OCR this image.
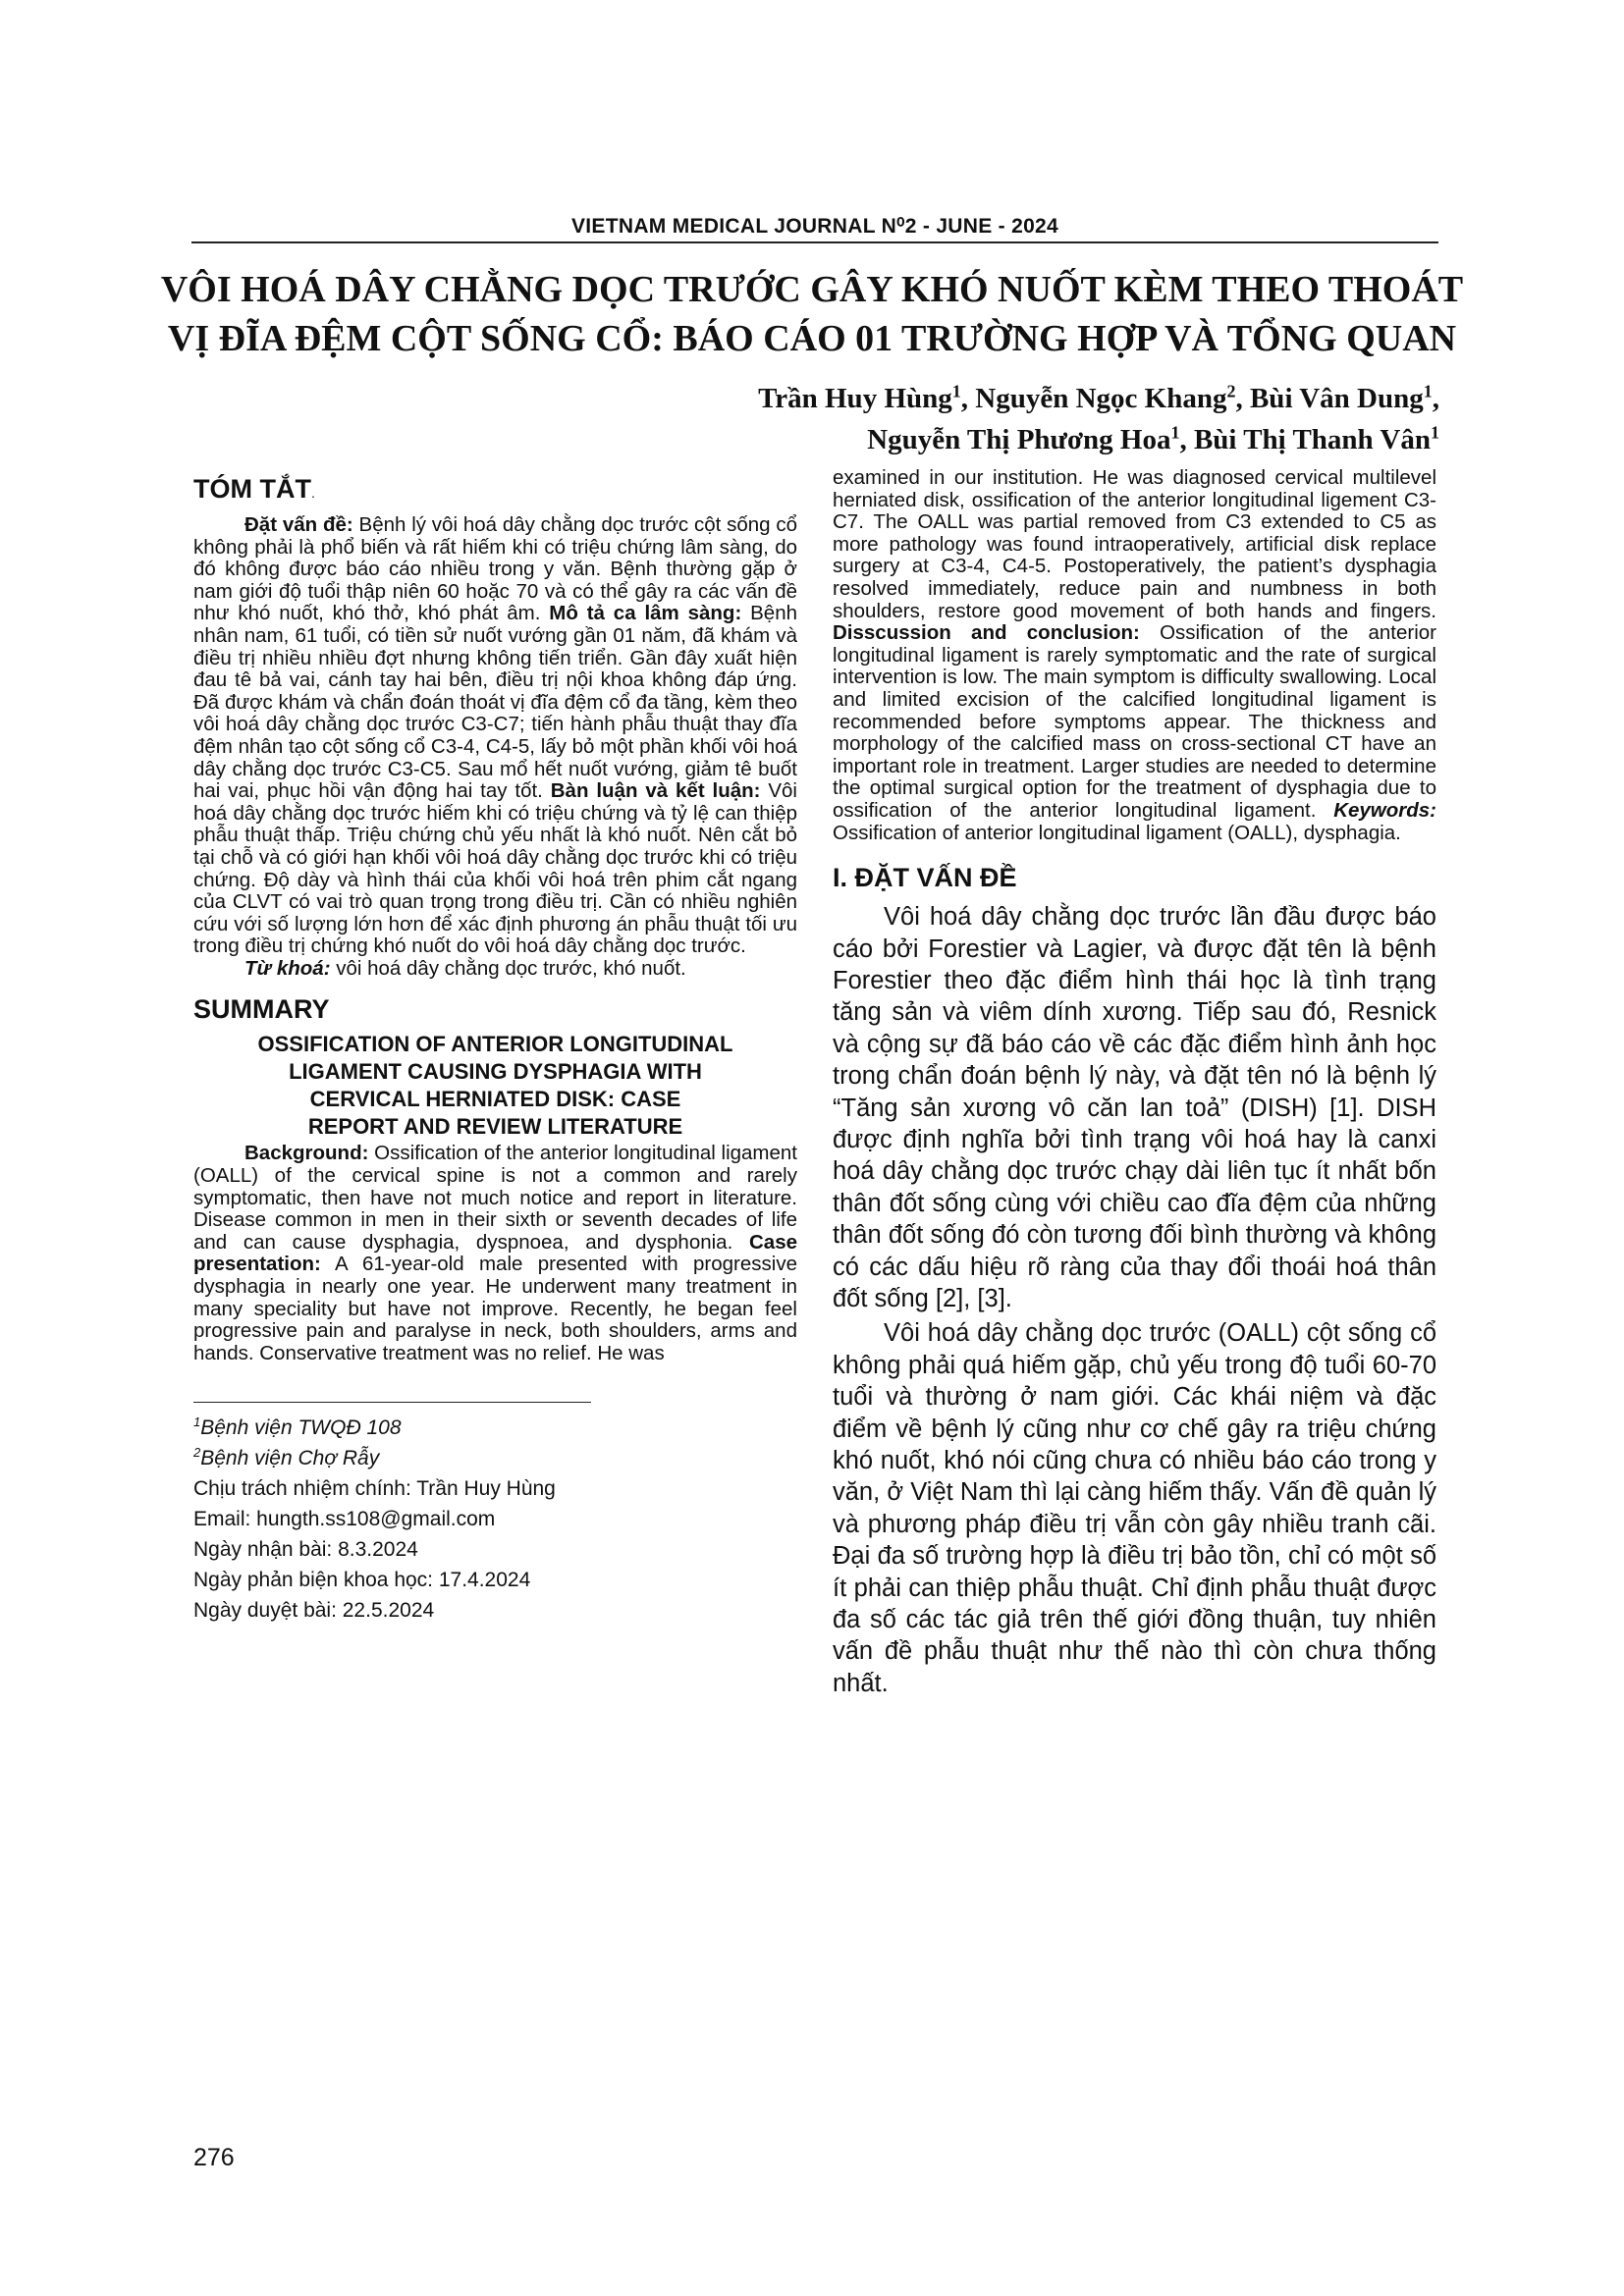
VIETNAM MEDICAL JOURNAL N⁰2 - JUNE - 2024
VÔI HOÁ DÂY CHẰNG DỌC TRƯỚC GÂY KHÓ NUỐT KÈM THEO THOÁT
VỊ ĐĨA ĐỆM CỘT SỐNG CỔ: BÁO CÁO 01 TRƯỜNG HỢP VÀ TỔNG QUAN
Trần Huy Hùng$^1$, Nguyễn Ngọc Khang$^2$, Bùi Vân Dung$^1$,
Nguyễn Thị Phương Hoa$^1$, Bùi Thị Thanh Vân$^1$
TÓM TẮT.

Đặt vấn đề: Bệnh lý vôi hoá dây chằng dọc trước cột sống cổ không phải là phổ biến và rất hiếm khi có triệu chứng lâm sàng, do đó không được báo cáo nhiều trong y văn. Bệnh thường gặp ở nam giới độ tuổi thập niên 60 hoặc 70 và có thể gây ra các vấn đề như khó nuốt, khó thở, khó phát âm. Mô tả ca lâm sàng: Bệnh nhân nam, 61 tuổi, có tiền sử nuốt vướng gần 01 năm, đã khám và điều trị nhiều nhiều đợt nhưng không tiến triển. Gần đây xuất hiện đau tê bả vai, cánh tay hai bên, điều trị nội khoa không đáp ứng. Đã được khám và chẩn đoán thoát vị đĩa đệm cổ đa tầng, kèm theo vôi hoá dây chằng dọc trước C3-C7; tiến hành phẫu thuật thay đĩa đệm nhân tạo cột sống cổ C3-4, C4-5, lấy bỏ một phần khối vôi hoá dây chằng dọc trước C3-C5. Sau mổ hết nuốt vướng, giảm tê buốt hai vai, phục hồi vận động hai tay tốt. Bàn luận và kết luận: Vôi hoá dây chằng dọc trước hiếm khi có triệu chứng và tỷ lệ can thiệp phẫu thuật thấp. Triệu chứng chủ yếu nhất là khó nuốt. Nên cắt bỏ tại chỗ và có giới hạn khối vôi hoá dây chằng dọc trước khi có triệu chứng. Độ dày và hình thái của khối vôi hoá trên phim cắt ngang của CLVT có vai trò quan trọng trong điều trị. Cần có nhiều nghiên cứu với số lượng lớn hơn để xác định phương án phẫu thuật tối ưu trong điều trị chứng khó nuốt do vôi hoá dây chằng dọc trước.

Từ khoá: vôi hoá dây chằng dọc trước, khó nuốt.

SUMMARY
OSSIFICATION OF ANTERIOR LONGITUDINAL
LIGAMENT CAUSING DYSPHAGIA WITH
CERVICAL HERNIATED DISK: CASE
REPORT AND REVIEW LITERATURE

Background: Ossification of the anterior longitudinal ligament (OALL) of the cervical spine is not a common and rarely symptomatic, then have not much notice and report in literature. Disease common in men in their sixth or seventh decades of life and can cause dysphagia, dyspnoea, and dysphonia. Case presentation: A 61-year-old male presented with progressive dysphagia in nearly one year. He underwent many treatment in many speciality but have not improve. Recently, he began feel progressive pain and paralyse in neck, both shoulders, arms and hands. Conservative treatment was no relief. He was

$^1$Bệnh viện TWQĐ 108
$^2$Bệnh viện Chợ Rẫy
Chịu trách nhiệm chính: Trần Huy Hùng
Email: hungth.ss108@gmail.com
Ngày nhận bài: 8.3.2024
Ngày phản biện khoa học: 17.4.2024
Ngày duyệt bài: 22.5.2024

examined in our institution. He was diagnosed cervical multilevel herniated disk, ossification of the anterior longitudinal ligement C3-C7. The OALL was partial removed from C3 extended to C5 as more pathology was found intraoperatively, artificial disk replace surgery at C3-4, C4-5. Postoperatively, the patient’s dysphagia resolved immediately, reduce pain and numbness in both shoulders, restore good movement of both hands and fingers. Disscussion and conclusion: Ossification of the anterior longitudinal ligament is rarely symptomatic and the rate of surgical intervention is low. The main symptom is difficulty swallowing. Local and limited excision of the calcified longitudinal ligament is recommended before symptoms appear. The thickness and morphology of the calcified mass on cross-sectional CT have an important role in treatment. Larger studies are needed to determine the optimal surgical option for the treatment of dysphagia due to ossification of the anterior longitudinal ligament. Keywords: Ossification of anterior longitudinal ligament (OALL), dysphagia.

I. ĐẶT VẤN ĐỀ

Vôi hoá dây chằng dọc trước lần đầu được báo cáo bởi Forestier và Lagier, và được đặt tên là bệnh Forestier theo đặc điểm hình thái học là tình trạng tăng sản và viêm dính xương. Tiếp sau đó, Resnick và cộng sự đã báo cáo về các đặc điểm hình ảnh học trong chẩn đoán bệnh lý này, và đặt tên nó là bệnh lý “Tăng sản xương vô căn lan toả” (DISH) [1]. DISH được định nghĩa bởi tình trạng vôi hoá hay là canxi hoá dây chằng dọc trước chạy dài liên tục ít nhất bốn thân đốt sống cùng với chiều cao đĩa đệm của những thân đốt sống đó còn tương đối bình thường và không có các dấu hiệu rõ ràng của thay đổi thoái hoá thân đốt sống [2], [3].

Vôi hoá dây chằng dọc trước (OALL) cột sống cổ không phải quá hiếm gặp, chủ yếu trong độ tuổi 60-70 tuổi và thường ở nam giới. Các khái niệm và đặc điểm về bệnh lý cũng như cơ chế gây ra triệu chứng khó nuốt, khó nói cũng chưa có nhiều báo cáo trong y văn, ở Việt Nam thì lại càng hiếm thấy. Vấn đề quản lý và phương pháp điều trị vẫn còn gây nhiều tranh cãi. Đại đa số trường hợp là điều trị bảo tồn, chỉ có một số ít phải can thiệp phẫu thuật. Chỉ định phẫu thuật được đa số các tác giả trên thế giới đồng thuận, tuy nhiên vấn đề phẫu thuật như thế nào thì còn chưa thống nhất.

276
